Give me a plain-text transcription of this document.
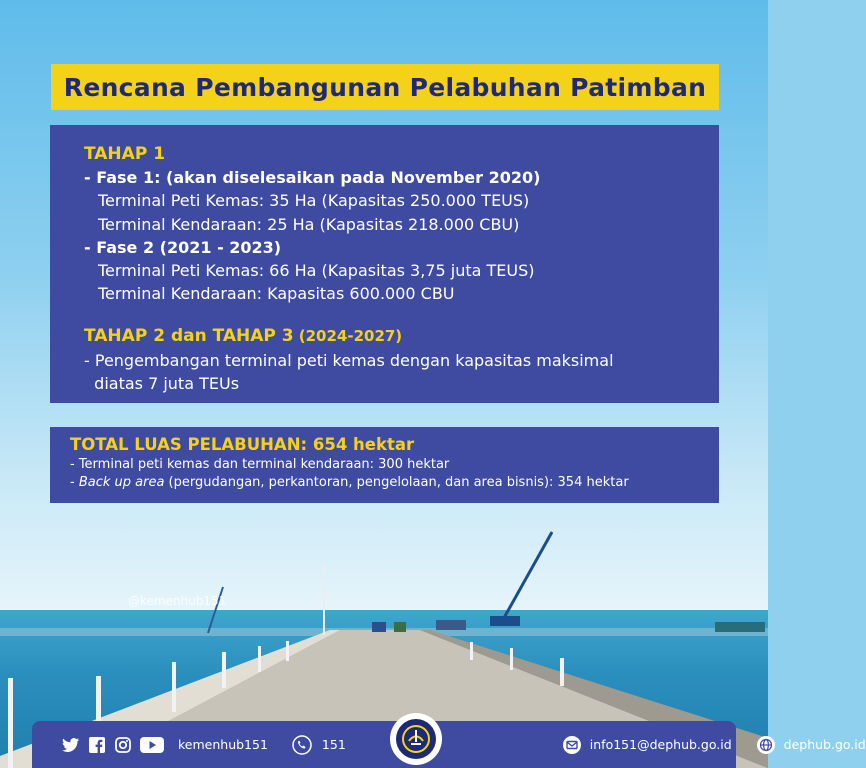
@kemenhub151
Rencana Pembangunan Pelabuhan Patimban
TAHAP 1
- Fase 1: (akan diselesaikan pada November 2020)
Terminal Peti Kemas: 35 Ha (Kapasitas 250.000 TEUS)
Terminal Kendaraan: 25 Ha (Kapasitas 218.000 CBU)
- Fase 2 (2021 - 2023)
Terminal Peti Kemas: 66 Ha (Kapasitas 3,75 juta TEUS)
Terminal Kendaraan: Kapasitas 600.000 CBU
TAHAP 2 dan TAHAP 3 (2024-2027)
- Pengembangan terminal peti kemas dengan kapasitas maksimal
diatas 7 juta TEUs
TOTAL LUAS PELABUHAN: 654 hektar
- Terminal peti kemas dan terminal kendaraan: 300 hektar
- Back up area (pergudangan, perkantoran, pengelolaan, dan area bisnis): 354 hektar
kemenhub151	151	info151@dephub.go.id	dephub.go.id
